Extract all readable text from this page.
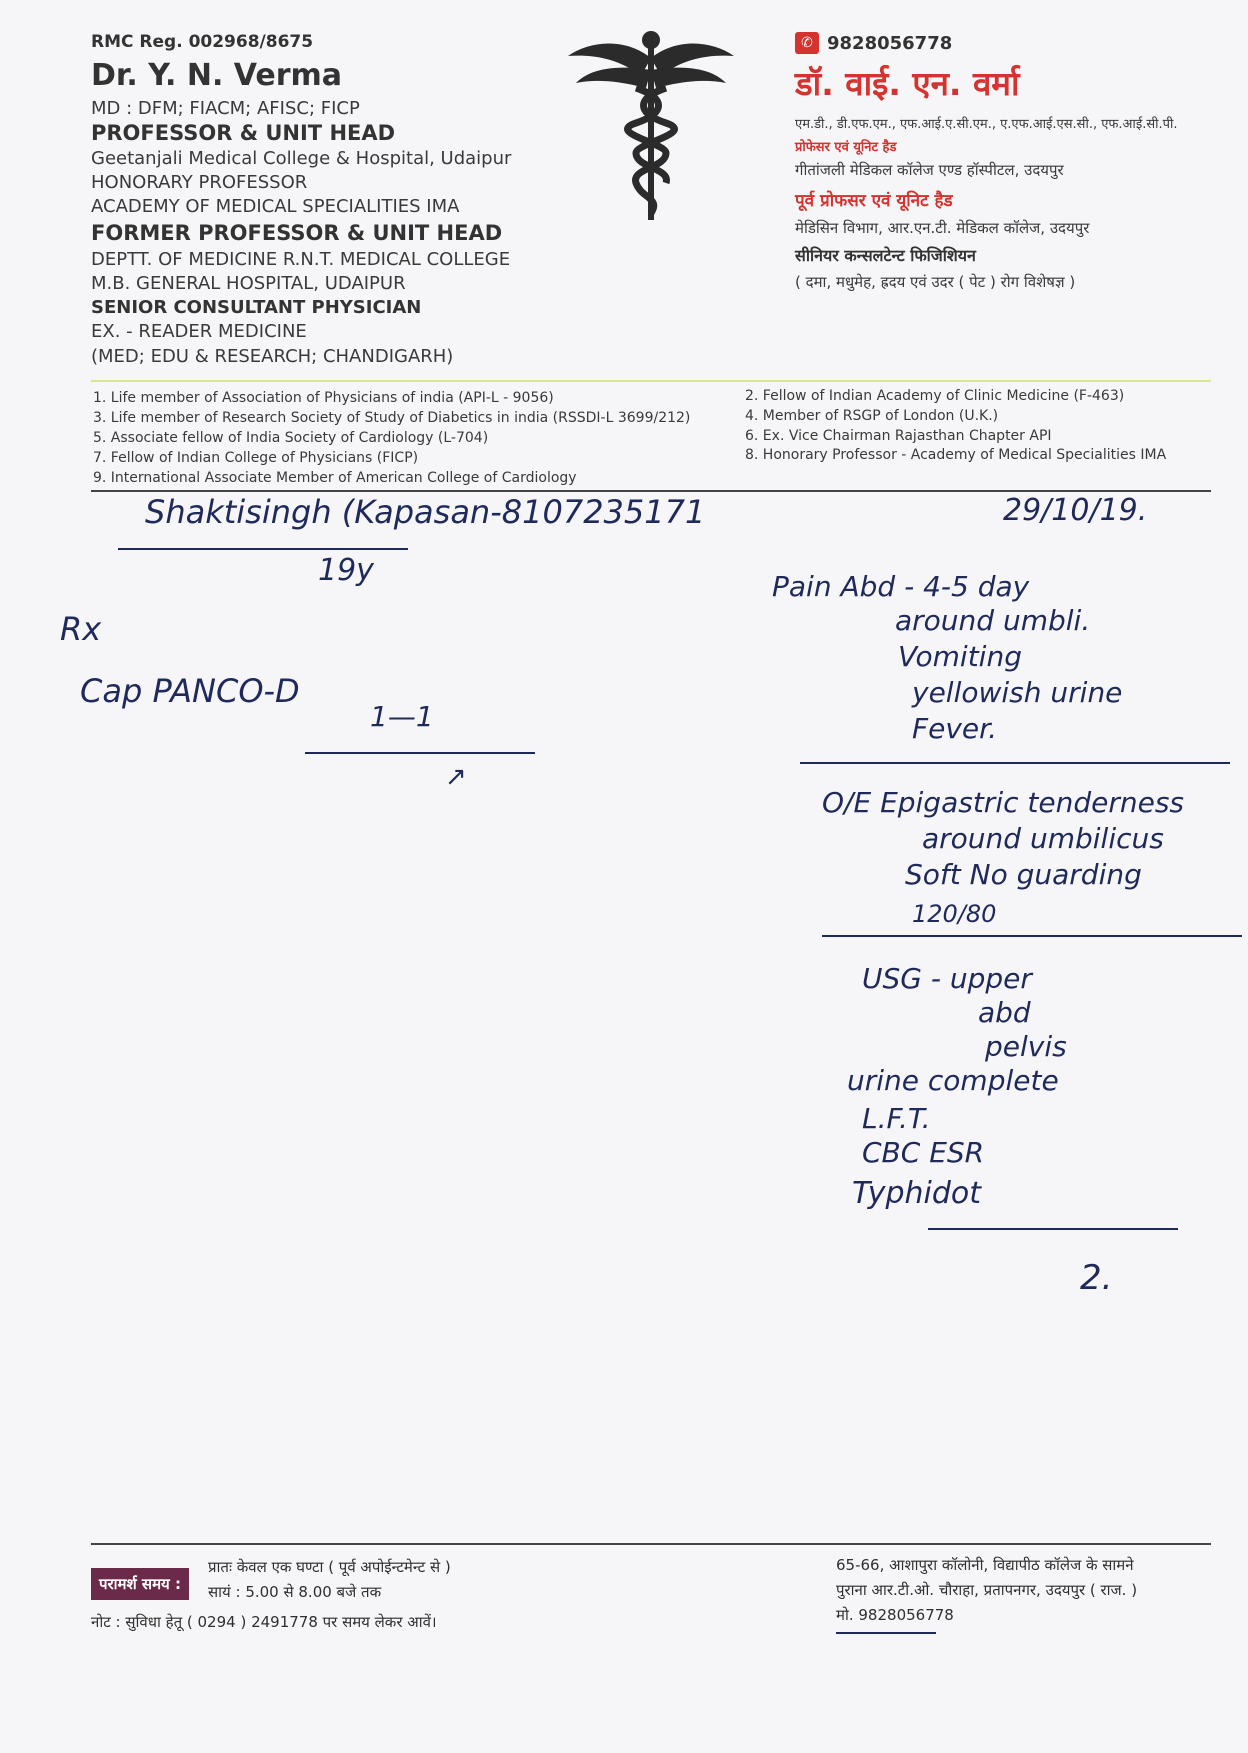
RMC Reg. 002968/8675
Dr. Y. N. Verma
MD : DFM; FIACM; AFISC; FICP
PROFESSOR & UNIT HEAD
Geetanjali Medical College & Hospital, Udaipur
HONORARY PROFESSOR
ACADEMY OF MEDICAL SPECIALITIES IMA
FORMER PROFESSOR & UNIT HEAD
DEPTT. OF MEDICINE R.N.T. MEDICAL COLLEGE
M.B. GENERAL HOSPITAL, UDAIPUR
SENIOR CONSULTANT PHYSICIAN
EX. - READER MEDICINE
(MED; EDU & RESEARCH; CHANDIGARH)
✆ 9828056778
डॉ. वाई. एन. वर्मा
एम.डी., डी.एफ.एम., एफ.आई.ए.सी.एम., ए.एफ.आई.एस.सी., एफ.आई.सी.पी.
प्रोफेसर एवं यूनिट हैड
गीतांजली मेडिकल कॉलेज एण्ड हॉस्पीटल, उदयपुर
पूर्व प्रोफसर एवं यूनिट हैड
मेडिसिन विभाग, आर.एन.टी. मेडिकल कॉलेज, उदयपुर
सीनियर कन्सलटेन्ट फिजिशियन
( दमा, मधुमेह, ह्रदय एवं उदर ( पेट ) रोग विशेषज्ञ )
1. Life member of Association of Physicians of india (API-L - 9056)	2. Fellow of Indian Academy of Clinic Medicine (F-463)
3. Life member of Research Society of Study of Diabetics in india (RSSDI-L 3699/212)	4. Member of RSGP of London (U.K.)
5. Associate fellow of India Society of Cardiology (L-704)	6. Ex. Vice Chairman Rajasthan Chapter API
7. Fellow of Indian College of Physicians (FICP)	8. Honorary Professor - Academy of Medical Specialities IMA
9. International Associate Member of American College of Cardiology
Shaktisingh (Kapasan-8107235171	29/10/19.
19y
Rx
Cap PANCO-D
1—1
↗
Pain Abd - 4-5 day
around umbli.
Vomiting
yellowish urine
Fever.
O/E Epigastric tenderness
around umbilicus
Soft No guarding
120/80
USG - upper
abd
pelvis
urine complete
L.F.T.
CBC ESR
Typhidot
2.
परामर्श समय :
प्रातः केवल एक घण्टा ( पूर्व अपोईन्टमेन्ट से )
सायं : 5.00 से 8.00 बजे तक
नोट : सुविधा हेतू ( 0294 ) 2491778 पर समय लेकर आवें।
65-66, आशापुरा कॉलोनी, विद्यापीठ कॉलेज के सामने
पुराना आर.टी.ओ. चौराहा, प्रतापनगर, उदयपुर ( राज. )
मो. 9828056778
